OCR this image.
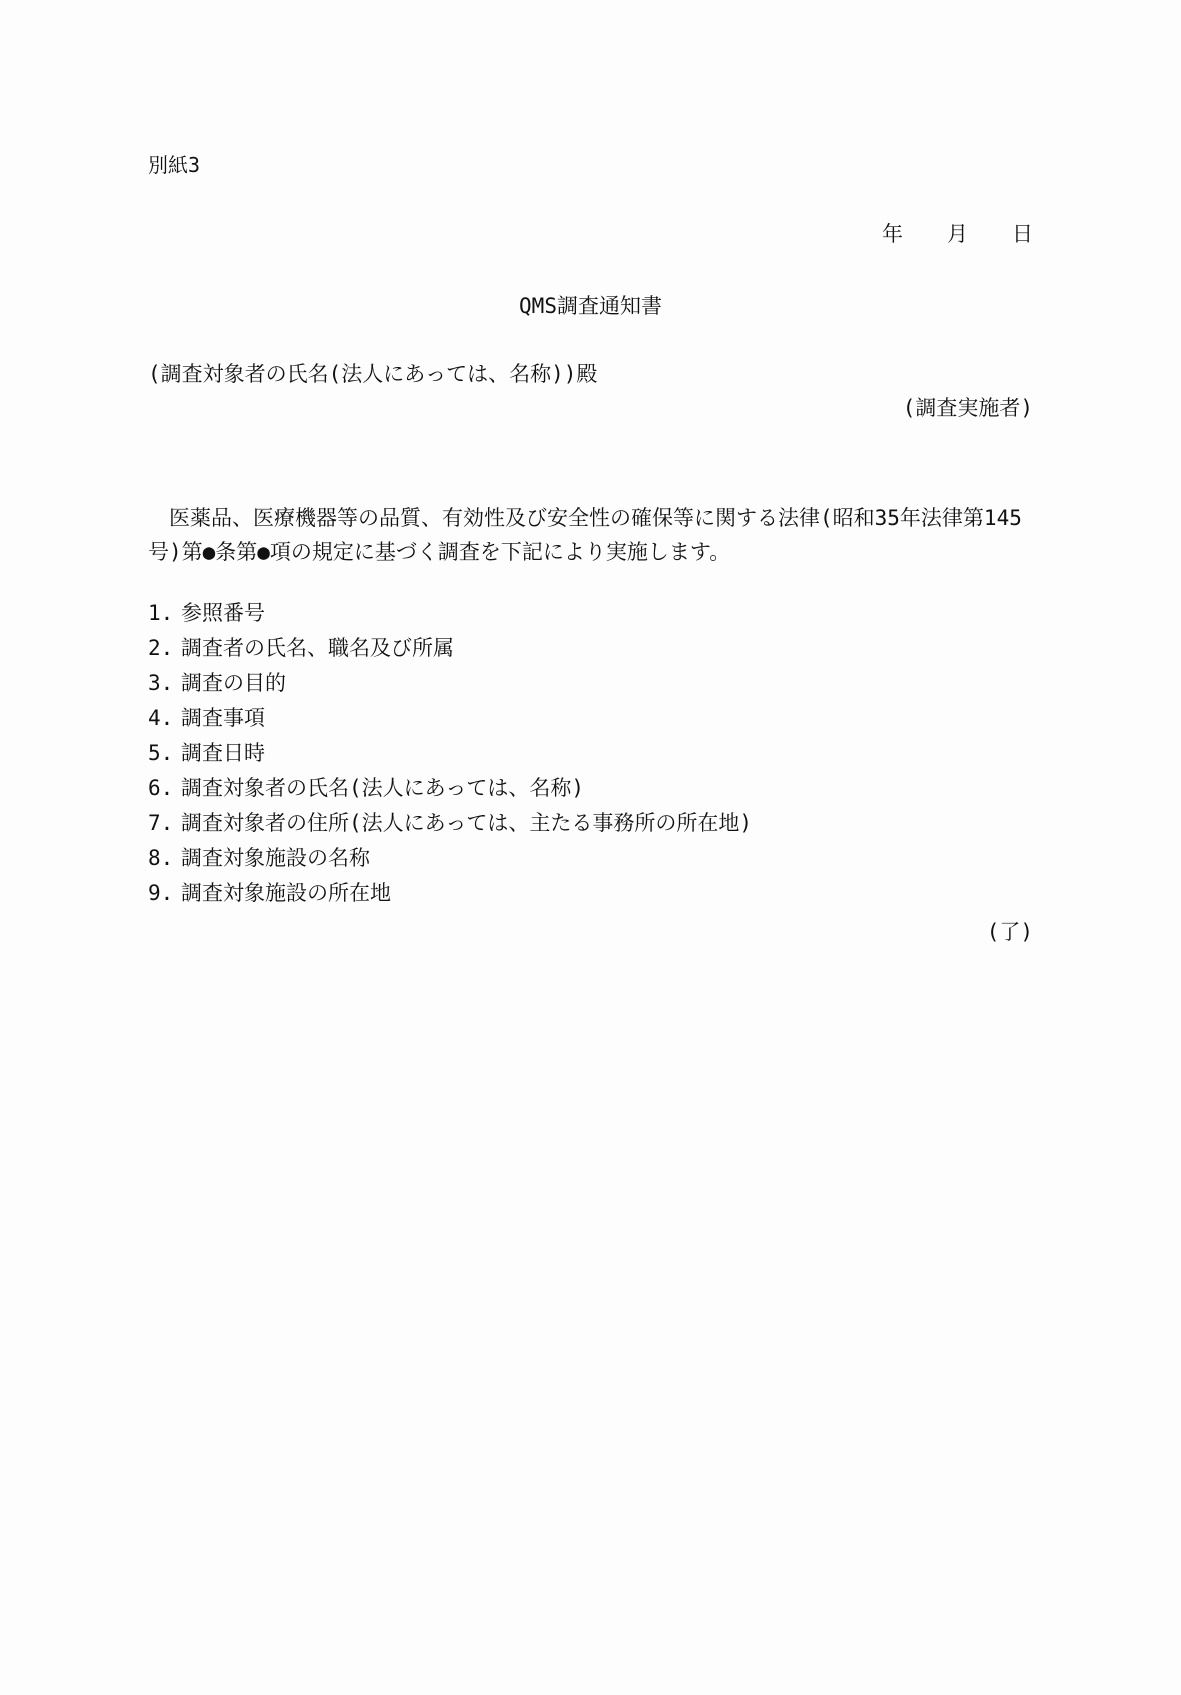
別紙3
年 月 日
QMS調査通知書
(調査対象者の氏名(法人にあっては、名称))殿
(調査実施者)
医薬品、医療機器等の品質、有効性及び安全性の確保等に関する法律(昭和35年法律第145号)第●条第●項の規定に基づく調査を下記により実施します。
1. 参照番号
2. 調査者の氏名、職名及び所属
3. 調査の目的
4. 調査事項
5. 調査日時
6. 調査対象者の氏名(法人にあっては、名称)
7. 調査対象者の住所(法人にあっては、主たる事務所の所在地)
8. 調査対象施設の名称
9. 調査対象施設の所在地
(了)
